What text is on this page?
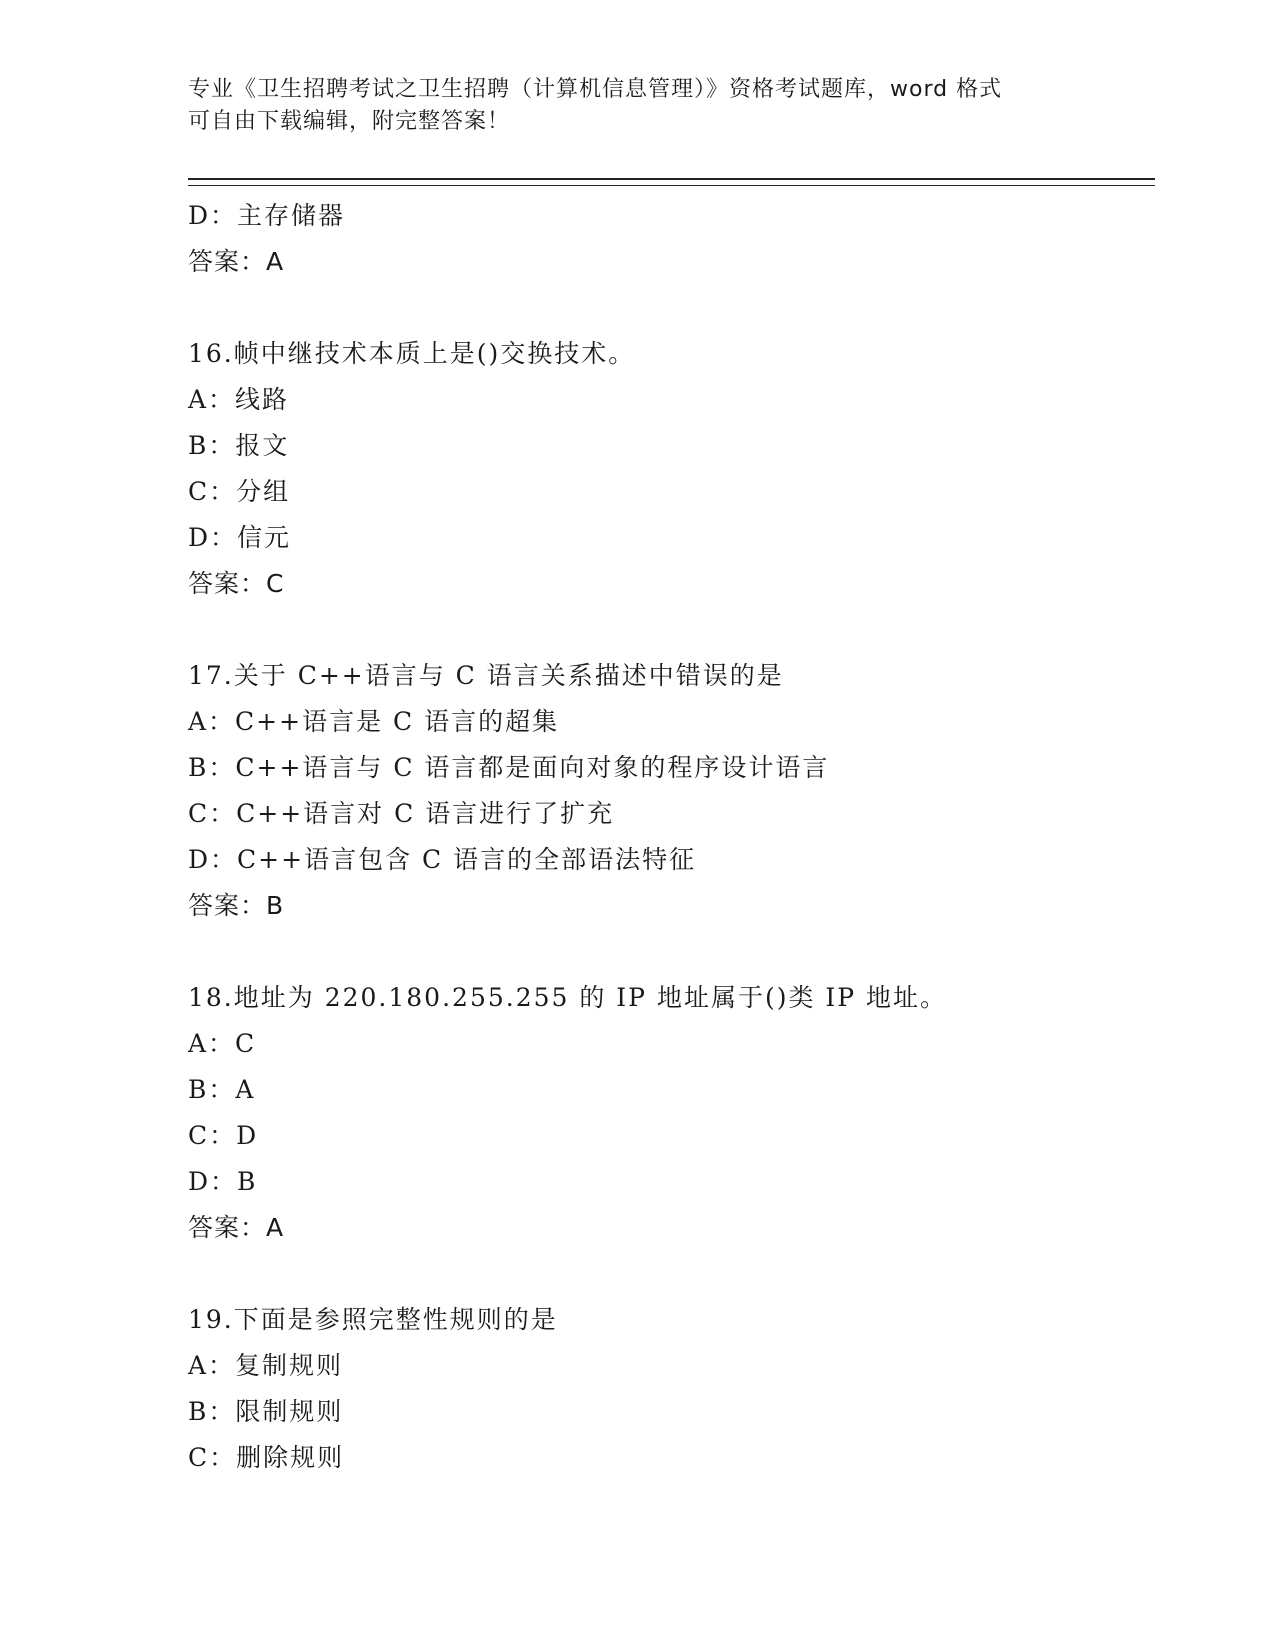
专业《卫生招聘考试之卫生招聘（计算机信息管理）》资格考试题库，word 格式
可自由下载编辑，附完整答案！
D：主存储器
答案：A
16.帧中继技术本质上是()交换技术。
A：线路
B：报文
C：分组
D：信元
答案：C
17.关于 C++语言与 C 语言关系描述中错误的是
A：C++语言是 C 语言的超集
B：C++语言与 C 语言都是面向对象的程序设计语言
C：C++语言对 C 语言进行了扩充
D：C++语言包含 C 语言的全部语法特征
答案：B
18.地址为 220.180.255.255 的 IP 地址属于()类 IP 地址。
A：C
B：A
C：D
D：B
答案：A
19.下面是参照完整性规则的是
A：复制规则
B：限制规则
C：删除规则
